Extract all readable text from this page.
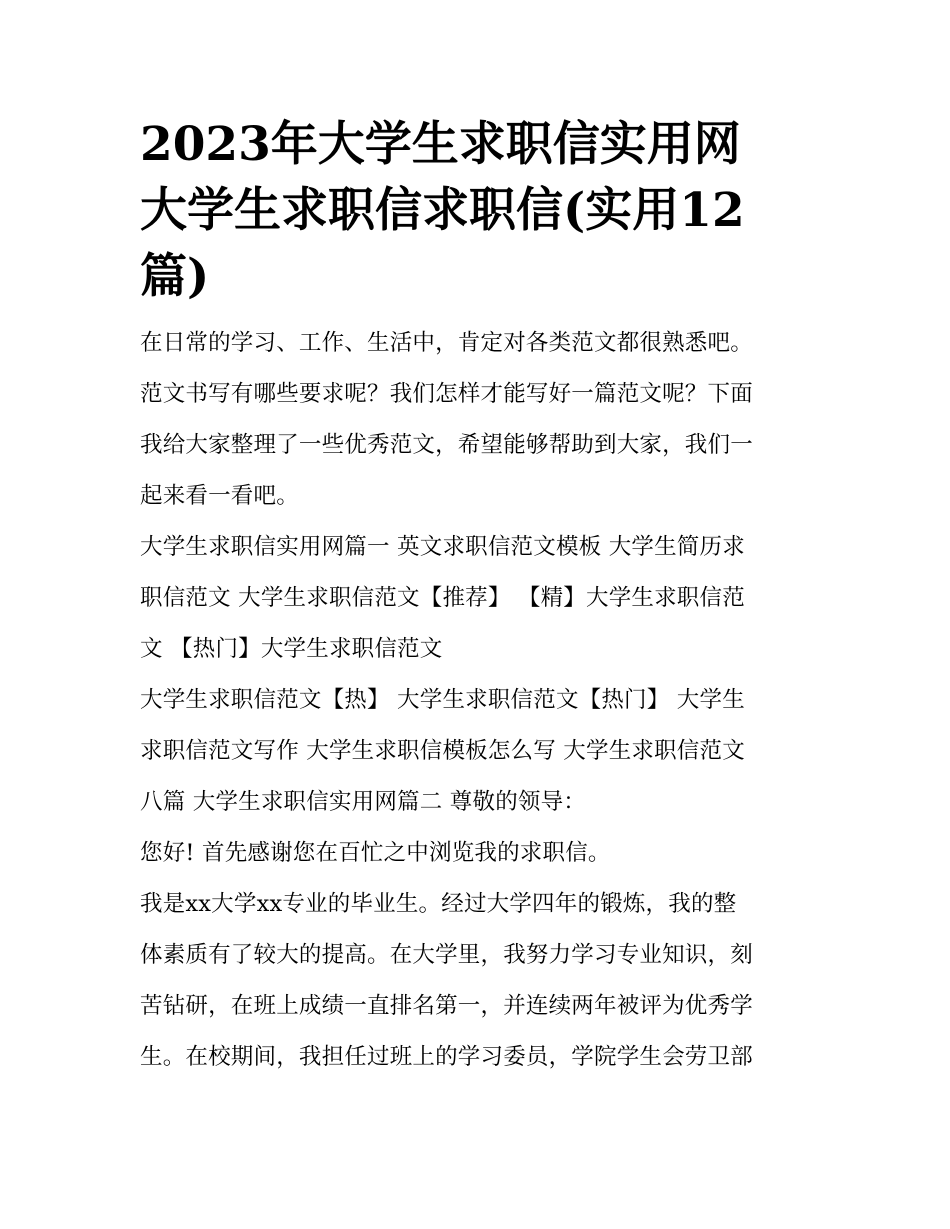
2023年大学生求职信实用网
大学生求职信求职信(实用12
篇)

在日常的学习、工作、生活中，肯定对各类范文都很熟悉吧。
范文书写有哪些要求呢？我们怎样才能写好一篇范文呢？下面
我给大家整理了一些优秀范文，希望能够帮助到大家，我们一
起来看一看吧。

大学生求职信实用网篇一 英文求职信范文模板 大学生简历求
职信范文 大学生求职信范文【推荐】 【精】大学生求职信范
文 【热门】大学生求职信范文

大学生求职信范文【热】 大学生求职信范文【热门】 大学生
求职信范文写作 大学生求职信模板怎么写 大学生求职信范文
八篇 大学生求职信实用网篇二 尊敬的领导：

您好! 首先感谢您在百忙之中浏览我的求职信。

我是xx大学xx专业的毕业生。经过大学四年的锻炼，我的整
体素质有了较大的提高。在大学里，我努力学习专业知识，刻
苦钻研，在班上成绩一直排名第一，并连续两年被评为优秀学
生。在校期间，我担任过班上的学习委员，学院学生会劳卫部
